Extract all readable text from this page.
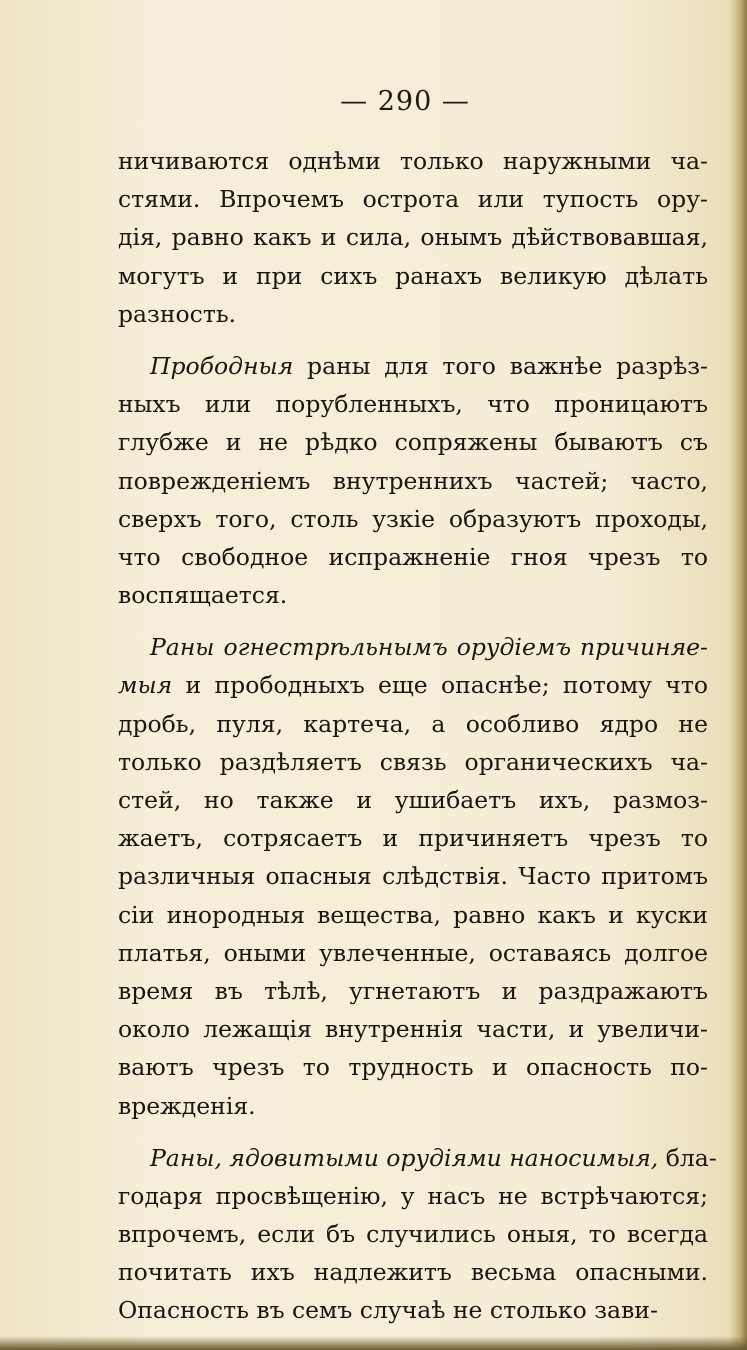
— 290 —
ничиваются однѣми только наружными ча-
стями. Впрочемъ острота или тупость ору-
дія, равно какъ и сила, онымъ дѣйствовавшая,
могутъ и при сихъ ранахъ великую дѣлать
разность.
Прободныя раны для того важнѣе разрѣз-
ныхъ или порубленныхъ, что проницаютъ
глубже и не рѣдко сопряжены бываютъ съ
поврежденіемъ внутреннихъ частей; часто,
сверхъ того, столь узкіе образуютъ проходы,
что свободное испражненіе гноя чрезъ то
воспящается.
Раны огнестрѣльнымъ орудіемъ причиняе-
мыя и прободныхъ еще опаснѣе; потому что
дробь, пуля, картеча, а особливо ядро не
только раздѣляетъ связь органическихъ ча-
стей, но также и ушибаетъ ихъ, размоз-
жаетъ, сотрясаетъ и причиняетъ чрезъ то
различныя опасныя слѣдствія. Часто притомъ
сіи инородныя вещества, равно какъ и куски
платья, оными увлеченные, оставаясь долгое
время въ тѣлѣ, угнетаютъ и раздражаютъ
около лежащія внутреннія части, и увеличи-
ваютъ чрезъ то трудность и опасность по-
врежденія.
Раны, ядовитыми орудіями наносимыя, бла-
годаря просвѣщенію, у насъ не встрѣчаются;
впрочемъ, если бъ случились оныя, то всегда
почитать ихъ надлежитъ весьма опасными.
Опасность въ семъ случаѣ не столько зави-
